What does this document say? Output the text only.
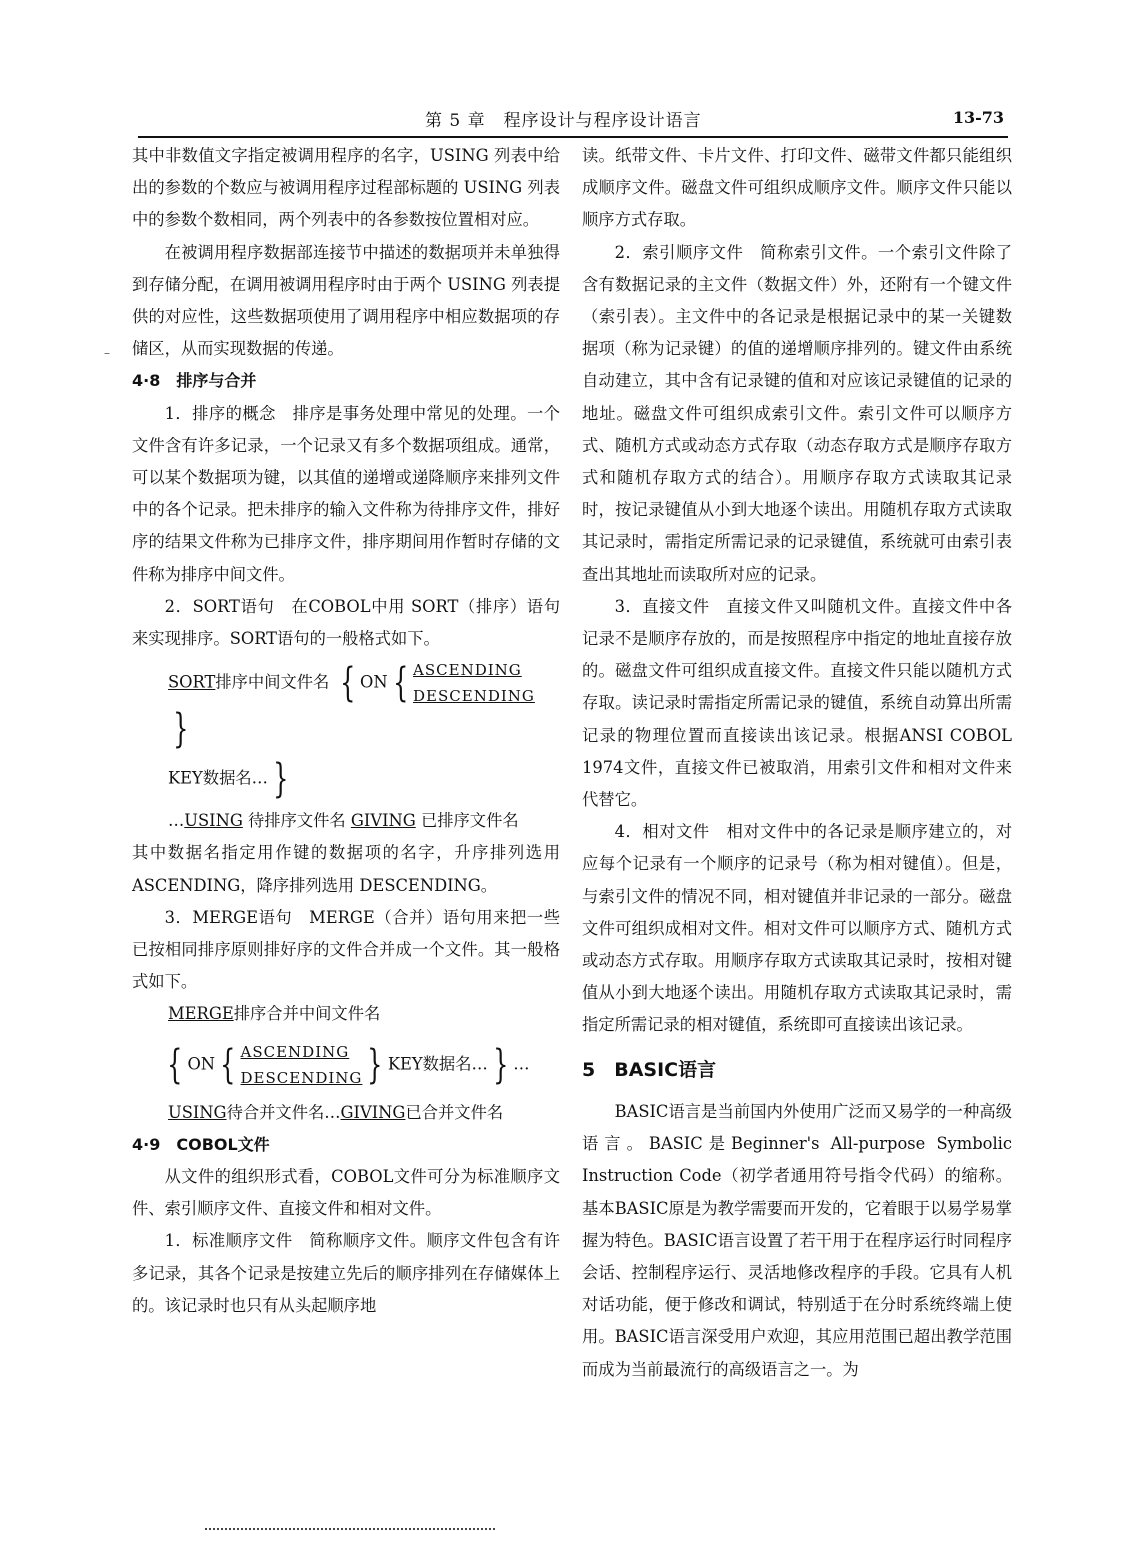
第 5 章　程序设计与程序设计语言	13-73
–

其中非数值文字指定被调用程序的名字，USING 列表中给出的参数的个数应与被调用程序过程部标题的 USING 列表中的参数个数相同，两个列表中的各参数按位置相对应。

在被调用程序数据部连接节中描述的数据项并未单独得到存储分配，在调用被调用程序时由于两个 USING 列表提供的对应性，这些数据项使用了调用程序中相应数据项的存储区，从而实现数据的传递。

4·8　排序与合并

1．排序的概念　排序是事务处理中常见的处理。一个文件含有许多记录，一个记录又有多个数据项组成。通常，可以某个数据项为键，以其值的递增或递降顺序来排列文件中的各个记录。把未排序的输入文件称为待排序文件，排好序的结果文件称为已排序文件，排序期间用作暂时存储的文件称为排序中间文件。

2．SORT语句　在COBOL中用 SORT（排序）语句来实现排序。SORT语句的一般格式如下。

SORT排序中间文件名 { ON { ASCENDING
DESCENDING
}
KEY数据名… }
…USING 待排序文件名 GIVING 已排序文件名

其中数据名指定用作键的数据项的名字，升序排列选用 ASCENDING，降序排列选用 DESCENDING。

3．MERGE语句　MERGE（合并）语句用来把一些已按相同排序原则排好序的文件合并成一个文件。其一般格式如下。

MERGE排序合并中间文件名
{ ON { ASCENDING
DESCENDING } KEY数据名… } …
USING待合并文件名…GIVING已合并文件名

4·9　COBOL文件

从文件的组织形式看，COBOL文件可分为标准顺序文件、索引顺序文件、直接文件和相对文件。

1．标准顺序文件　简称顺序文件。顺序文件包含有许多记录，其各个记录是按建立先后的顺序排列在存储媒体上的。该记录时也只有从头起顺序地

读。纸带文件、卡片文件、打印文件、磁带文件都只能组织成顺序文件。磁盘文件可组织成顺序文件。顺序文件只能以顺序方式存取。

2．索引顺序文件　简称索引文件。一个索引文件除了含有数据记录的主文件（数据文件）外，还附有一个键文件（索引表）。主文件中的各记录是根据记录中的某一关键数据项（称为记录键）的值的递增顺序排列的。键文件由系统自动建立，其中含有记录键的值和对应该记录键值的记录的地址。磁盘文件可组织成索引文件。索引文件可以顺序方式、随机方式或动态方式存取（动态存取方式是顺序存取方式和随机存取方式的结合）。用顺序存取方式读取其记录时，按记录键值从小到大地逐个读出。用随机存取方式读取其记录时，需指定所需记录的记录键值，系统就可由索引表查出其地址而读取所对应的记录。

3．直接文件　直接文件又叫随机文件。直接文件中各记录不是顺序存放的，而是按照程序中指定的地址直接存放的。磁盘文件可组织成直接文件。直接文件只能以随机方式存取。读记录时需指定所需记录的键值，系统自动算出所需记录的物理位置而直接读出该记录。根据ANSI COBOL 1974文件，直接文件已被取消，用索引文件和相对文件来代替它。

4．相对文件　相对文件中的各记录是顺序建立的，对应每个记录有一个顺序的记录号（称为相对键值）。但是，与索引文件的情况不同，相对键值并非记录的一部分。磁盘文件可组织成相对文件。相对文件可以顺序方式、随机方式或动态方式存取。用顺序存取方式读取其记录时，按相对键值从小到大地逐个读出。用随机存取方式读取其记录时，需指定所需记录的相对键值，系统即可直接读出该记录。

5　BASIC语言

BASIC语言是当前国内外使用广泛而又易学的一种高级语言。BASIC是Beginner's All-purpose Symbolic Instruction Code（初学者通用符号指令代码）的缩称。基本BASIC原是为教学需要而开发的，它着眼于以易学易掌握为特色。BASIC语言设置了若干用于在程序运行时同程序会话、控制程序运行、灵活地修改程序的手段。它具有人机对话功能，便于修改和调试，特别适于在分时系统终端上使用。BASIC语言深受用户欢迎，其应用范围已超出教学范围而成为当前最流行的高级语言之一。为
